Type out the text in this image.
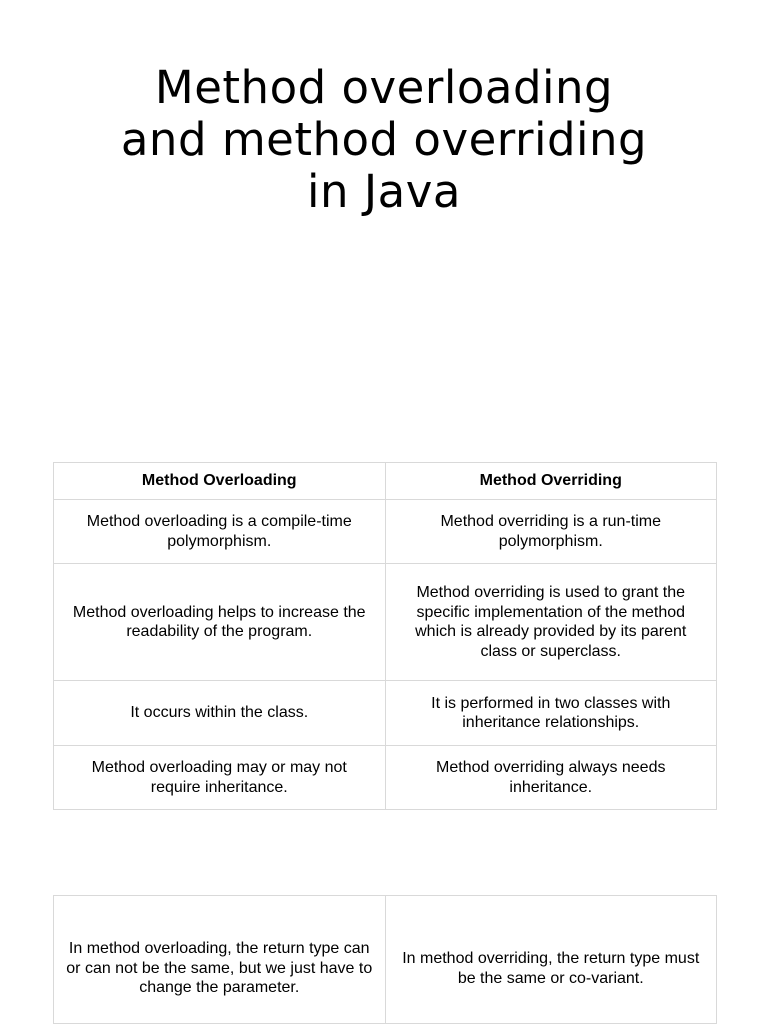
Method overloading
and method overriding
in Java
Method Overloading	Method Overriding
Method overloading is a compile-time polymorphism.	Method overriding is a run-time polymorphism.
Method overloading helps to increase the readability of the program.	Method overriding is used to grant the specific implementation of the method which is already provided by its parent class or superclass.
It occurs within the class.	It is performed in two classes with inheritance relationships.
Method overloading may or may not require inheritance.	Method overriding always needs inheritance.
In method overloading, the return type can or can not be the same, but we just have to change the parameter.	In method overriding, the return type must be the same or co-variant.
